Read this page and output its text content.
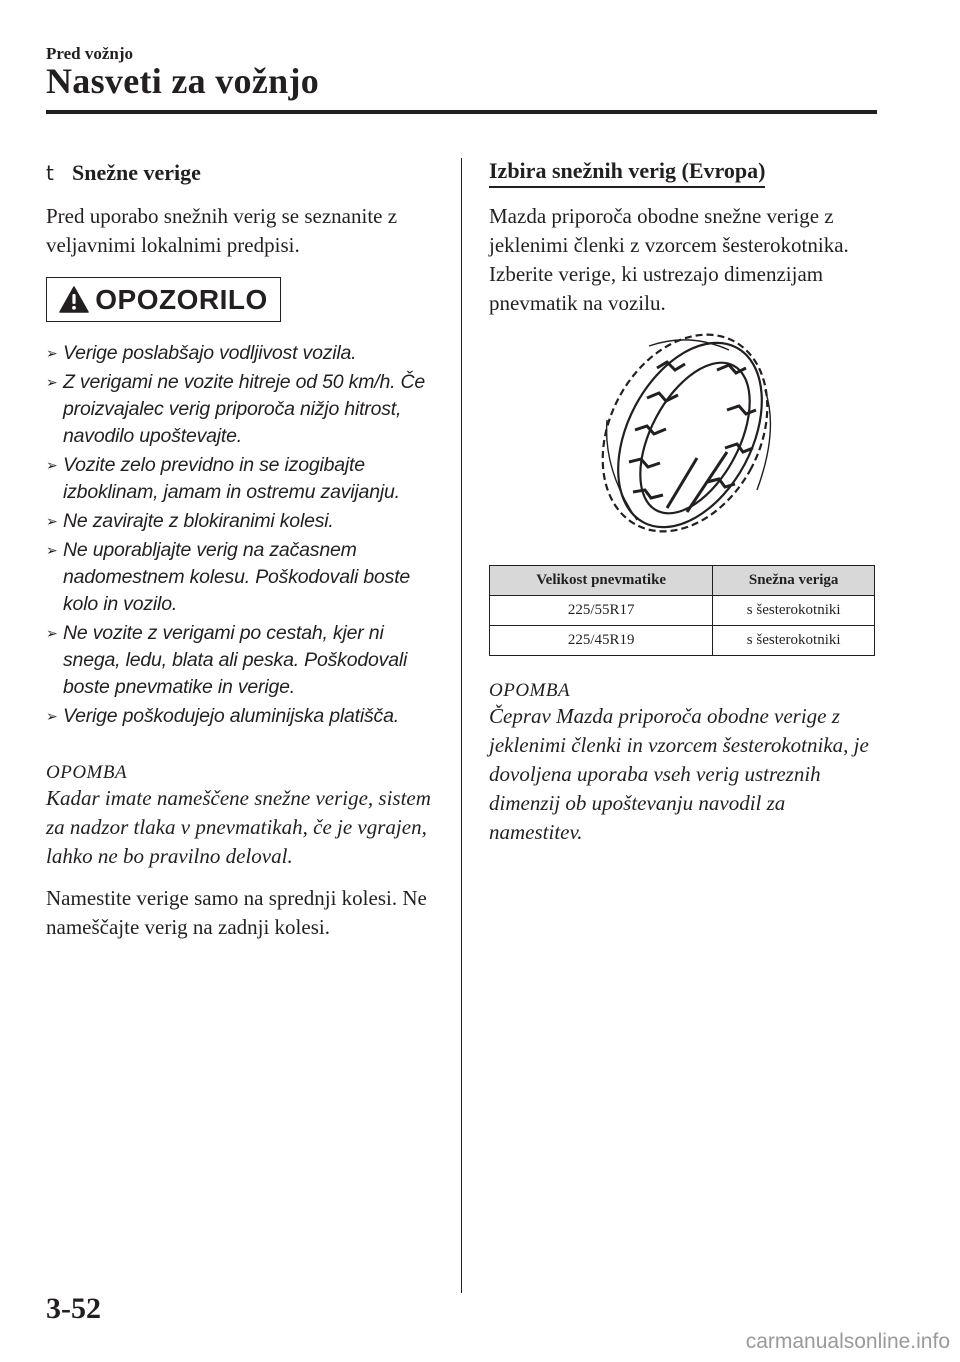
Pred vožnjo
Nasveti za vožnjo
t Snežne verige

Pred uporabo snežnih verig se seznanite z veljavnimi lokalnimi predpisi.

OPOZORILO
➢ Verige poslabšajo vodljivost vozila.
➢ Z verigami ne vozite hitreje od 50 km/h. Če proizvajalec verig priporoča nižjo hitrost, navodilo upoštevajte.
➢ Vozite zelo previdno in se izogibajte izboklinam, jamam in ostremu zavijanju.
➢ Ne zavirajte z blokiranimi kolesi.
➢ Ne uporabljajte verig na začasnem nadomestnem kolesu. Poškodovali boste kolo in vozilo.
➢ Ne vozite z verigami po cestah, kjer ni snega, ledu, blata ali peska. Poškodovali boste pnevmatike in verige.
➢ Verige poškodujejo aluminijska platišča.
OPOMBA

Kadar imate nameščene snežne verige, sistem za nadzor tlaka v pnevmatikah, če je vgrajen, lahko ne bo pravilno deloval.

Namestite verige samo na sprednji kolesi. Ne nameščajte verig na zadnji kolesi.

Izbira snežnih verig (Evropa)

Mazda priporoča obodne snežne verige z jeklenimi členki z vzorcem šesterokotnika. Izberite verige, ki ustrezajo dimenzijam pnevmatik na vozilu.

Velikost pnevmatike	Snežna veriga
225/55R17	s šesterokotniki
225/45R19	s šesterokotniki
OPOMBA

Čeprav Mazda priporoča obodne verige z jeklenimi členki in vzorcem šesterokotnika, je dovoljena uporaba vseh verig ustreznih dimenzij ob upoštevanju navodil za namestitev.

3-52
carmanualsonline.info
